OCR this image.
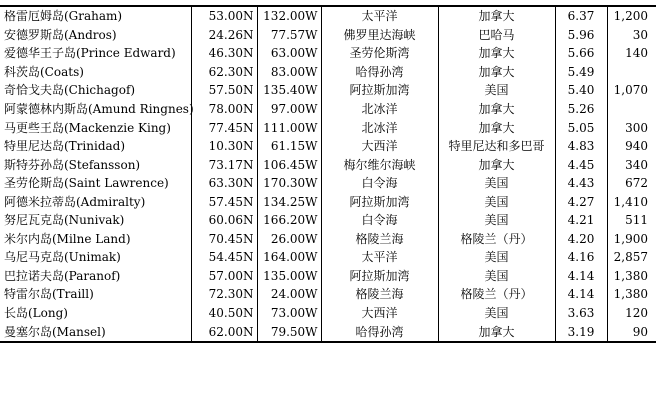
格雷厄姆岛(Graham)	53.00N	132.00W	太平洋	加拿大	6.37	1,200
安德罗斯岛(Andros)	24.26N	77.57W	佛罗里达海峡	巴哈马	5.96	30
爱德华王子岛(Prince Edward)	46.30N	63.00W	圣劳伦斯湾	加拿大	5.66	140
科茨岛(Coats)	62.30N	83.00W	哈得孙湾	加拿大	5.49	
奇恰戈夫岛(Chichagof)	57.50N	135.40W	阿拉斯加湾	美国	5.40	1,070
阿蒙德林内斯岛(Amund Ringnes)	78.00N	97.00W	北冰洋	加拿大	5.26	
马更些王岛(Mackenzie King)	77.45N	111.00W	北冰洋	加拿大	5.05	300
特里尼达岛(Trinidad)	10.30N	61.15W	大西洋	特里尼达和多巴哥	4.83	940
斯特芬孙岛(Stefansson)	73.17N	106.45W	梅尔维尔海峡	加拿大	4.45	340
圣劳伦斯岛(Saint Lawrence)	63.30N	170.30W	白令海	美国	4.43	672
阿德米拉蒂岛(Admiralty)	57.45N	134.25W	阿拉斯加湾	美国	4.27	1,410
努尼瓦克岛(Nunivak)	60.06N	166.20W	白令海	美国	4.21	511
米尔内岛(Milne Land)	70.45N	26.00W	格陵兰海	格陵兰（丹）	4.20	1,900
乌尼马克岛(Unimak)	54.45N	164.00W	太平洋	美国	4.16	2,857
巴拉诺夫岛(Paranof)	57.00N	135.00W	阿拉斯加湾	美国	4.14	1,380
特雷尔岛(Traill)	72.30N	24.00W	格陵兰海	格陵兰（丹）	4.14	1,380
长岛(Long)	40.50N	73.00W	大西洋	美国	3.63	120
曼塞尔岛(Mansel)	62.00N	79.50W	哈得孙湾	加拿大	3.19	90
